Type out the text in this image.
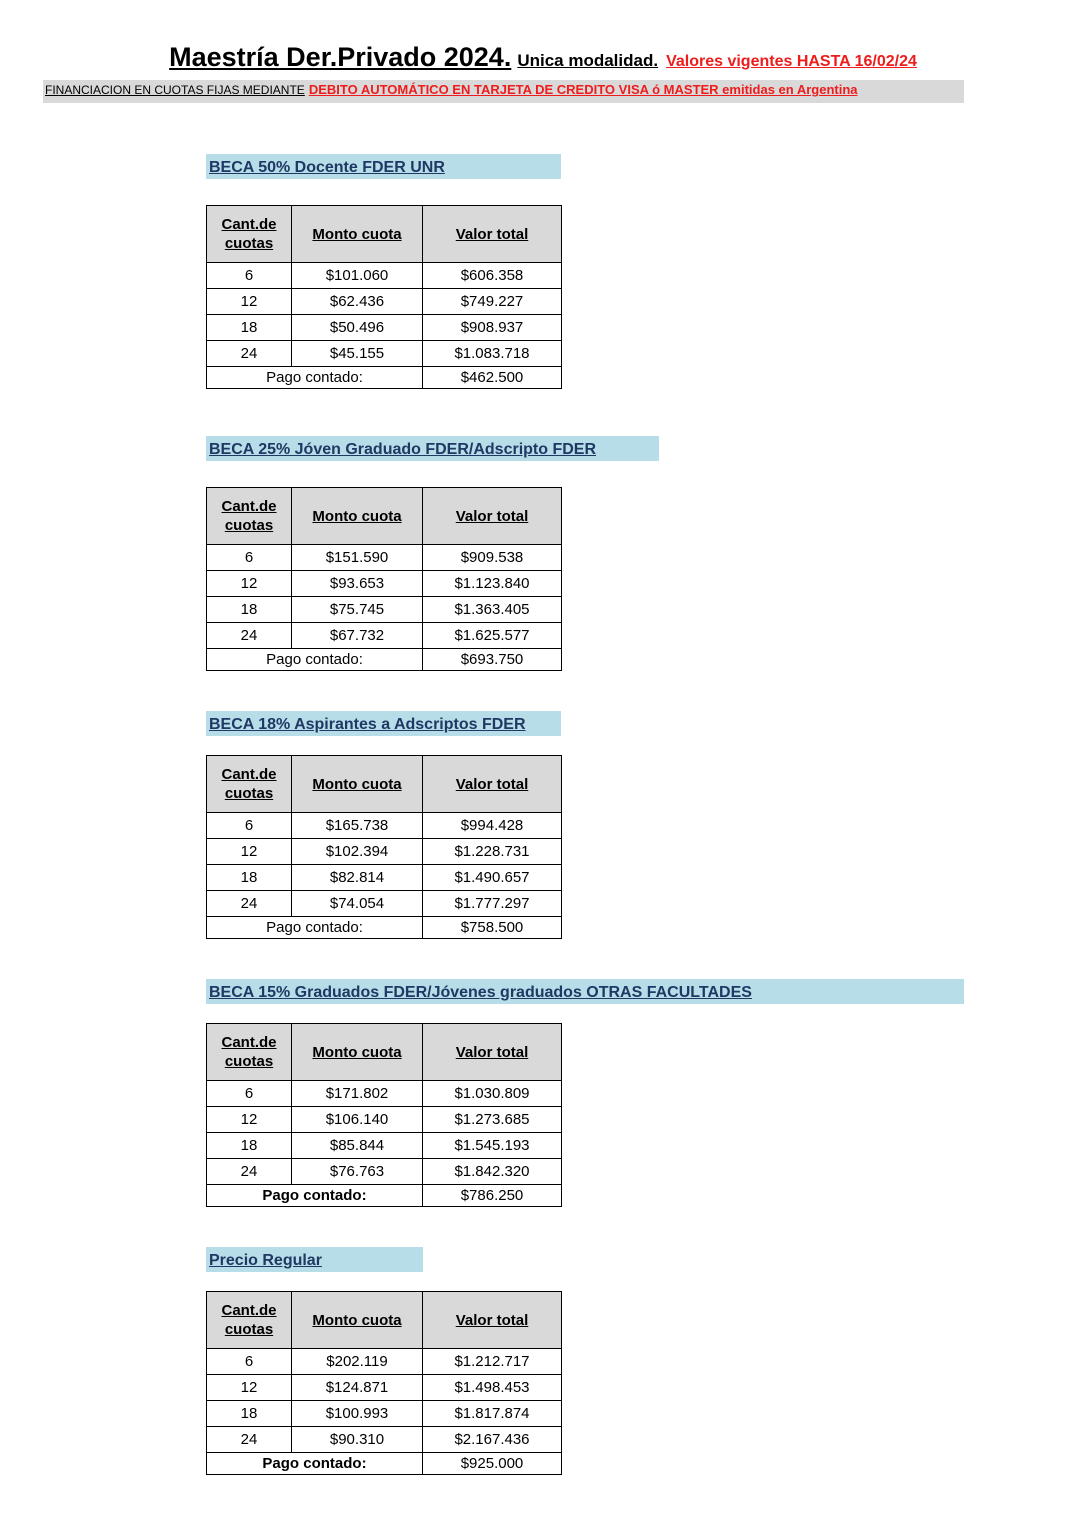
Maestría Der.Privado 2024. Unica modalidad. Valores vigentes HASTA 16/02/24
FINANCIACION EN CUOTAS FIJAS MEDIANTE DEBITO AUTOMÁTICO EN TARJETA DE CREDITO VISA ó MASTER emitidas en Argentina
BECA 50% Docente FDER UNR
Cant.de cuotas	Monto cuota	Valor total
6	$101.060	$606.358
12	$62.436	$749.227
18	$50.496	$908.937
24	$45.155	$1.083.718
Pago contado:		$462.500
BECA 25% Jóven Graduado FDER/Adscripto FDER
Cant.de cuotas	Monto cuota	Valor total
6	$151.590	$909.538
12	$93.653	$1.123.840
18	$75.745	$1.363.405
24	$67.732	$1.625.577
Pago contado:		$693.750
BECA 18% Aspirantes a Adscriptos FDER
Cant.de cuotas	Monto cuota	Valor total
6	$165.738	$994.428
12	$102.394	$1.228.731
18	$82.814	$1.490.657
24	$74.054	$1.777.297
Pago contado:		$758.500
BECA 15% Graduados FDER/Jóvenes graduados OTRAS FACULTADES
Cant.de cuotas	Monto cuota	Valor total
6	$171.802	$1.030.809
12	$106.140	$1.273.685
18	$85.844	$1.545.193
24	$76.763	$1.842.320
Pago contado:		$786.250
Precio Regular
Cant.de cuotas	Monto cuota	Valor total
6	$202.119	$1.212.717
12	$124.871	$1.498.453
18	$100.993	$1.817.874
24	$90.310	$2.167.436
Pago contado:		$925.000
